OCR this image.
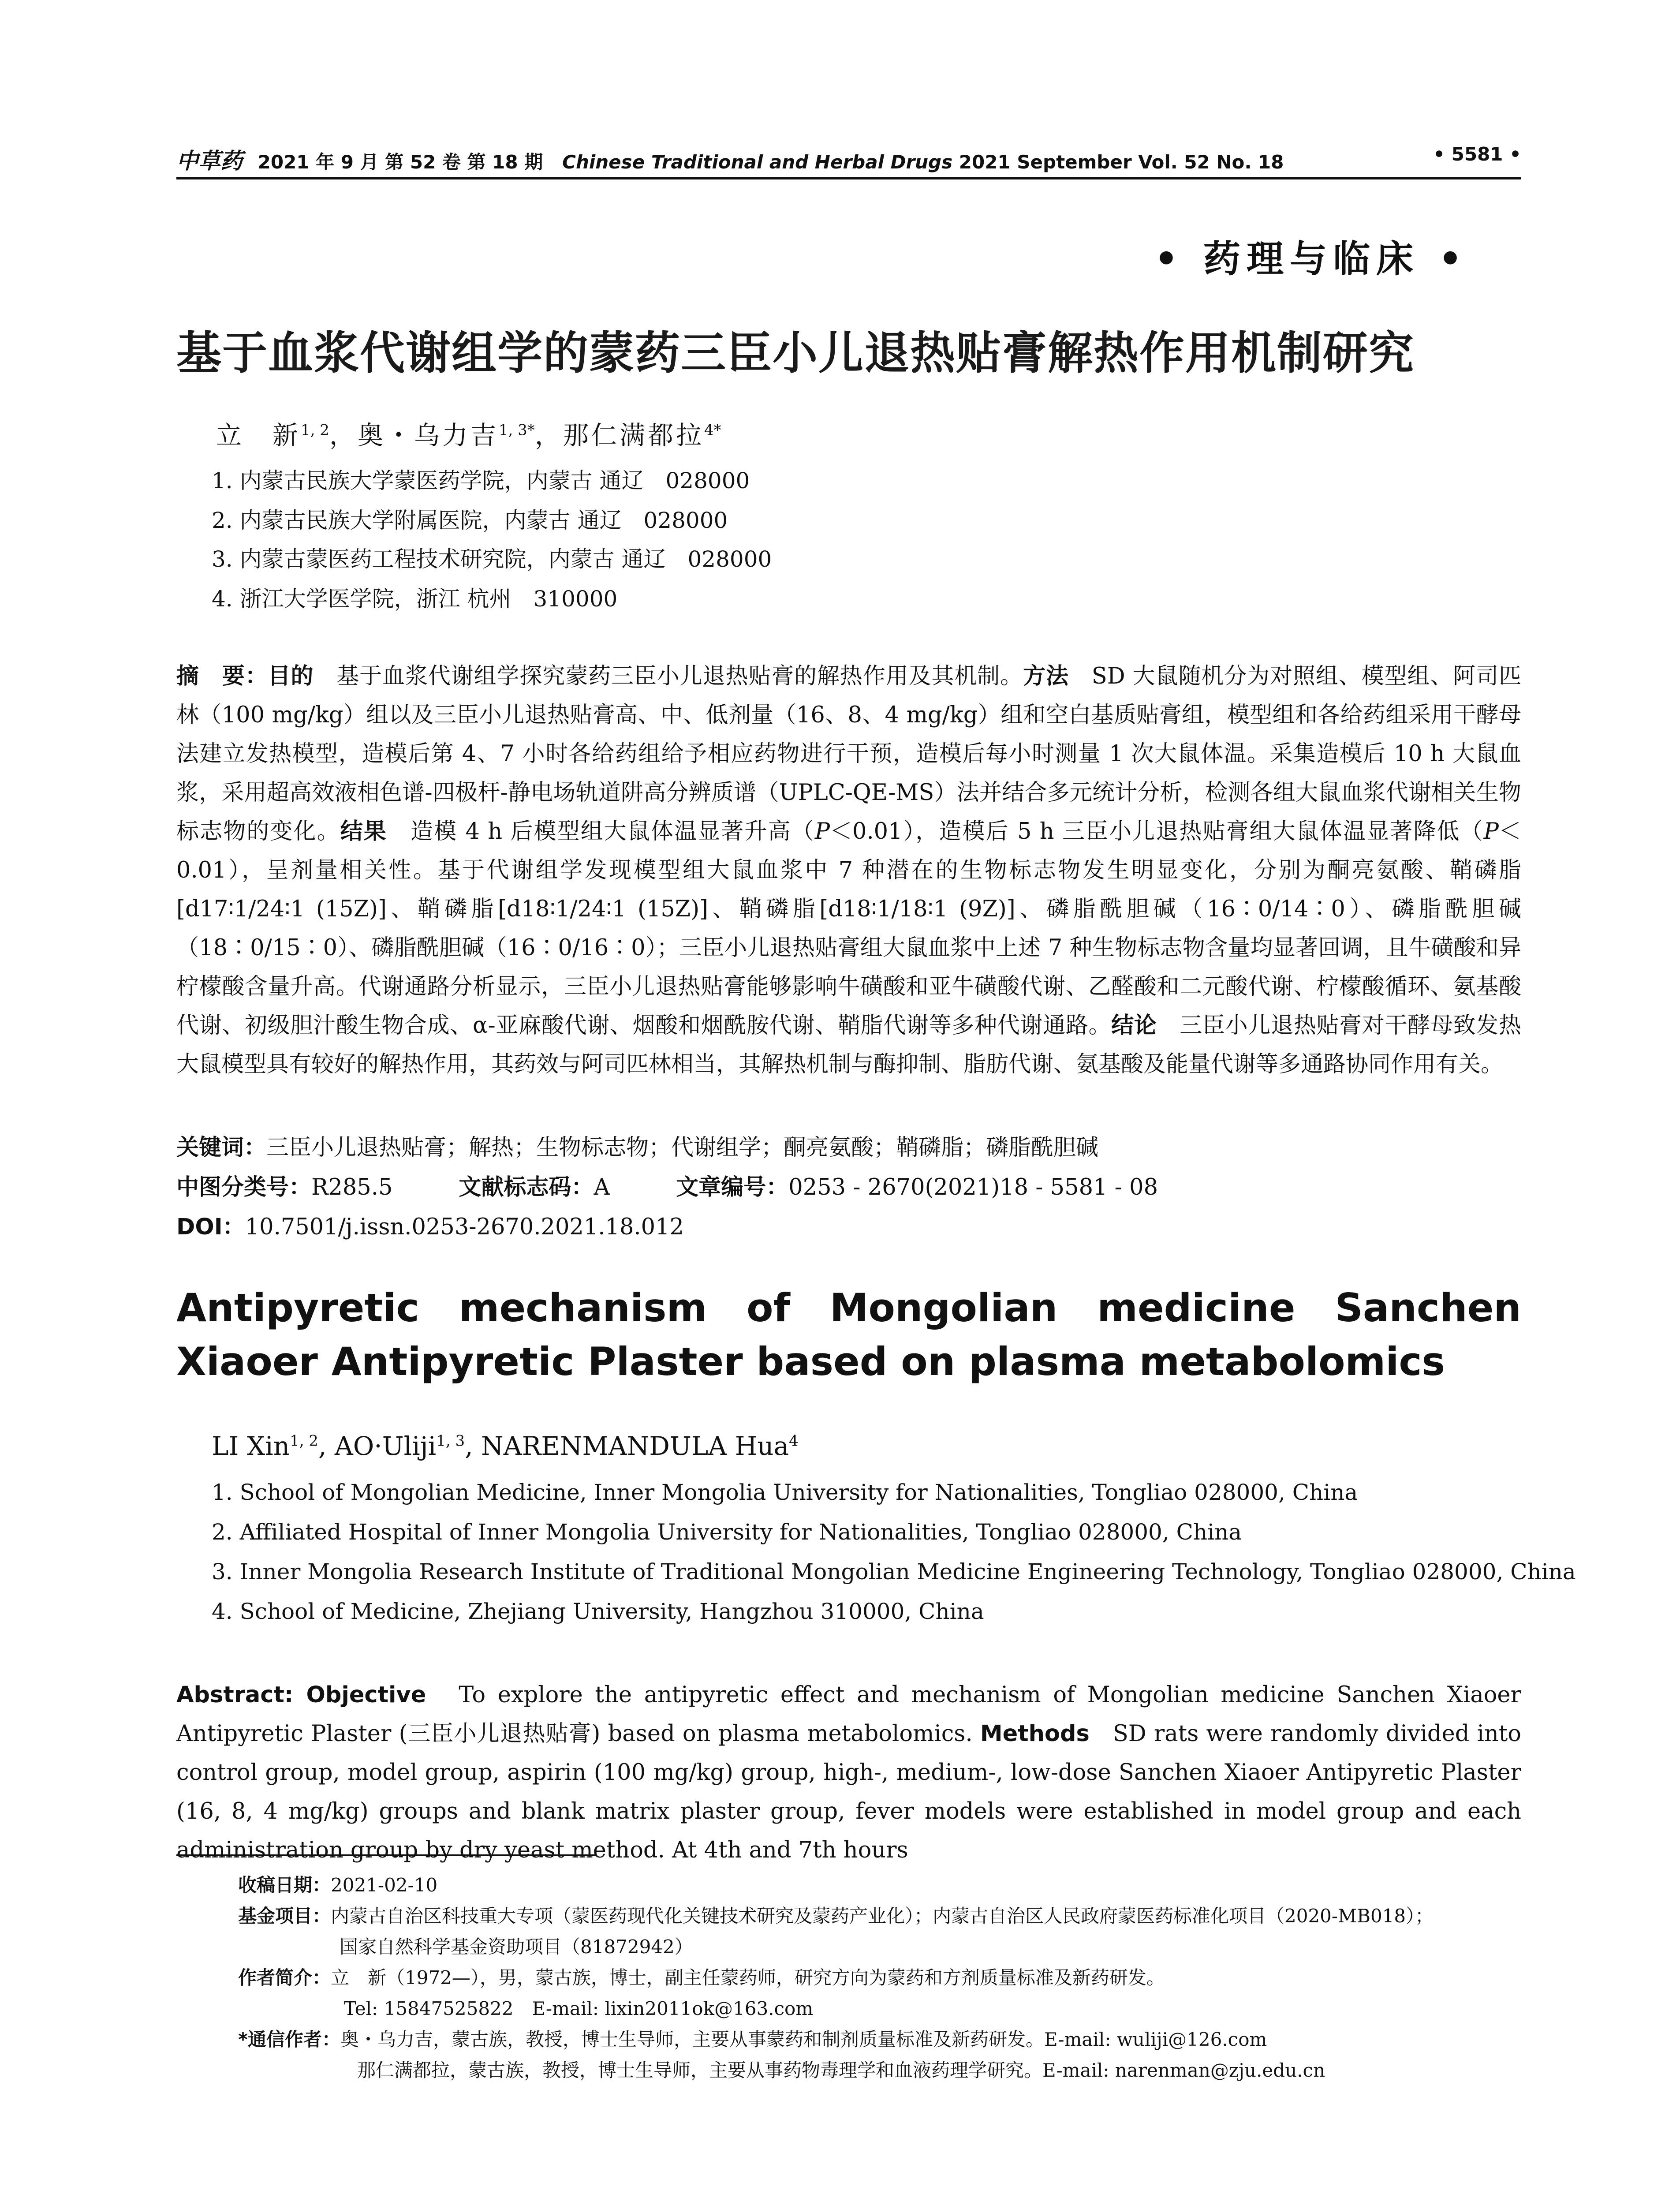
中草药 2021 年 9 月 第 52 卷 第 18 期 Chinese Traditional and Herbal Drugs 2021 September Vol. 52 No. 18	• 5581 •
• 药理与临床 •
基于血浆代谢组学的蒙药三臣小儿退热贴膏解热作用机制研究
立　新$^{1, 2}$，奥・乌力吉$^{1, 3*}$，那仁满都拉$^{4*}$
1. 内蒙古民族大学蒙医药学院，内蒙古 通辽　028000
2. 内蒙古民族大学附属医院，内蒙古 通辽　028000
3. 内蒙古蒙医药工程技术研究院，内蒙古 通辽　028000
4. 浙江大学医学院，浙江 杭州　310000
摘　要：目的　基于血浆代谢组学探究蒙药三臣小儿退热贴膏的解热作用及其机制。方法　SD 大鼠随机分为对照组、模型组、阿司匹林（100 mg/kg）组以及三臣小儿退热贴膏高、中、低剂量（16、8、4 mg/kg）组和空白基质贴膏组，模型组和各给药组采用干酵母法建立发热模型，造模后第 4、7 小时各给药组给予相应药物进行干预，造模后每小时测量 1 次大鼠体温。采集造模后 10 h 大鼠血浆，采用超高效液相色谱-四极杆-静电场轨道阱高分辨质谱（UPLC-QE-MS）法并结合多元统计分析，检测各组大鼠血浆代谢相关生物标志物的变化。结果　造模 4 h 后模型组大鼠体温显著升高（P＜0.01），造模后 5 h 三臣小儿退热贴膏组大鼠体温显著降低（P＜0.01），呈剂量相关性。基于代谢组学发现模型组大鼠血浆中 7 种潜在的生物标志物发生明显变化，分别为酮亮氨酸、鞘磷脂[d17∶1/24∶1 (15Z)]、鞘磷脂[d18∶1/24∶1 (15Z)]、鞘磷脂[d18∶1/18∶1 (9Z)]、磷脂酰胆碱（16∶0/14∶0）、磷脂酰胆碱（18∶0/15∶0）、磷脂酰胆碱（16∶0/16∶0）；三臣小儿退热贴膏组大鼠血浆中上述 7 种生物标志物含量均显著回调，且牛磺酸和异柠檬酸含量升高。代谢通路分析显示，三臣小儿退热贴膏能够影响牛磺酸和亚牛磺酸代谢、乙醛酸和二元酸代谢、柠檬酸循环、氨基酸代谢、初级胆汁酸生物合成、α-亚麻酸代谢、烟酸和烟酰胺代谢、鞘脂代谢等多种代谢通路。结论　三臣小儿退热贴膏对干酵母致发热大鼠模型具有较好的解热作用，其药效与阿司匹林相当，其解热机制与酶抑制、脂肪代谢、氨基酸及能量代谢等多通路协同作用有关。
关键词：三臣小儿退热贴膏；解热；生物标志物；代谢组学；酮亮氨酸；鞘磷脂；磷脂酰胆碱
中图分类号：R285.5	文献标志码：A	文章编号：0253 - 2670(2021)18 - 5581 - 08
DOI：10.7501/j.issn.0253-2670.2021.18.012
Antipyretic mechanism of Mongolian medicine Sanchen Xiaoer Antipyretic Plaster based on plasma metabolomics
LI Xin$^{1, 2}$, AO·Uliji$^{1, 3}$, NARENMANDULA Hua$^4$
1. School of Mongolian Medicine, Inner Mongolia University for Nationalities, Tongliao 028000, China
2. Affiliated Hospital of Inner Mongolia University for Nationalities, Tongliao 028000, China
3. Inner Mongolia Research Institute of Traditional Mongolian Medicine Engineering Technology, Tongliao 028000, China
4. School of Medicine, Zhejiang University, Hangzhou 310000, China
Abstract: Objective　To explore the antipyretic effect and mechanism of Mongolian medicine Sanchen Xiaoer Antipyretic Plaster (三臣小儿退热贴膏) based on plasma metabolomics. Methods　SD rats were randomly divided into control group, model group, aspirin (100 mg/kg) group, high-, medium-, low-dose Sanchen Xiaoer Antipyretic Plaster (16, 8, 4 mg/kg) groups and blank matrix plaster group, fever models were established in model group and each administration group by dry yeast method. At 4th and 7th hours
收稿日期：2021-02-10
基金项目：内蒙古自治区科技重大专项（蒙医药现代化关键技术研究及蒙药产业化）；内蒙古自治区人民政府蒙医药标准化项目（2020-MB018）；
国家自然科学基金资助项目（81872942）
作者简介：立　新（1972—），男，蒙古族，博士，副主任蒙药师，研究方向为蒙药和方剂质量标准及新药研发。
Tel: 15847525822　E-mail: lixin2011ok@163.com
*通信作者：奥・乌力吉，蒙古族，教授，博士生导师，主要从事蒙药和制剂质量标准及新药研发。E-mail: wuliji@126.com
那仁满都拉，蒙古族，教授，博士生导师，主要从事药物毒理学和血液药理学研究。E-mail: narenman@zju.edu.cn
